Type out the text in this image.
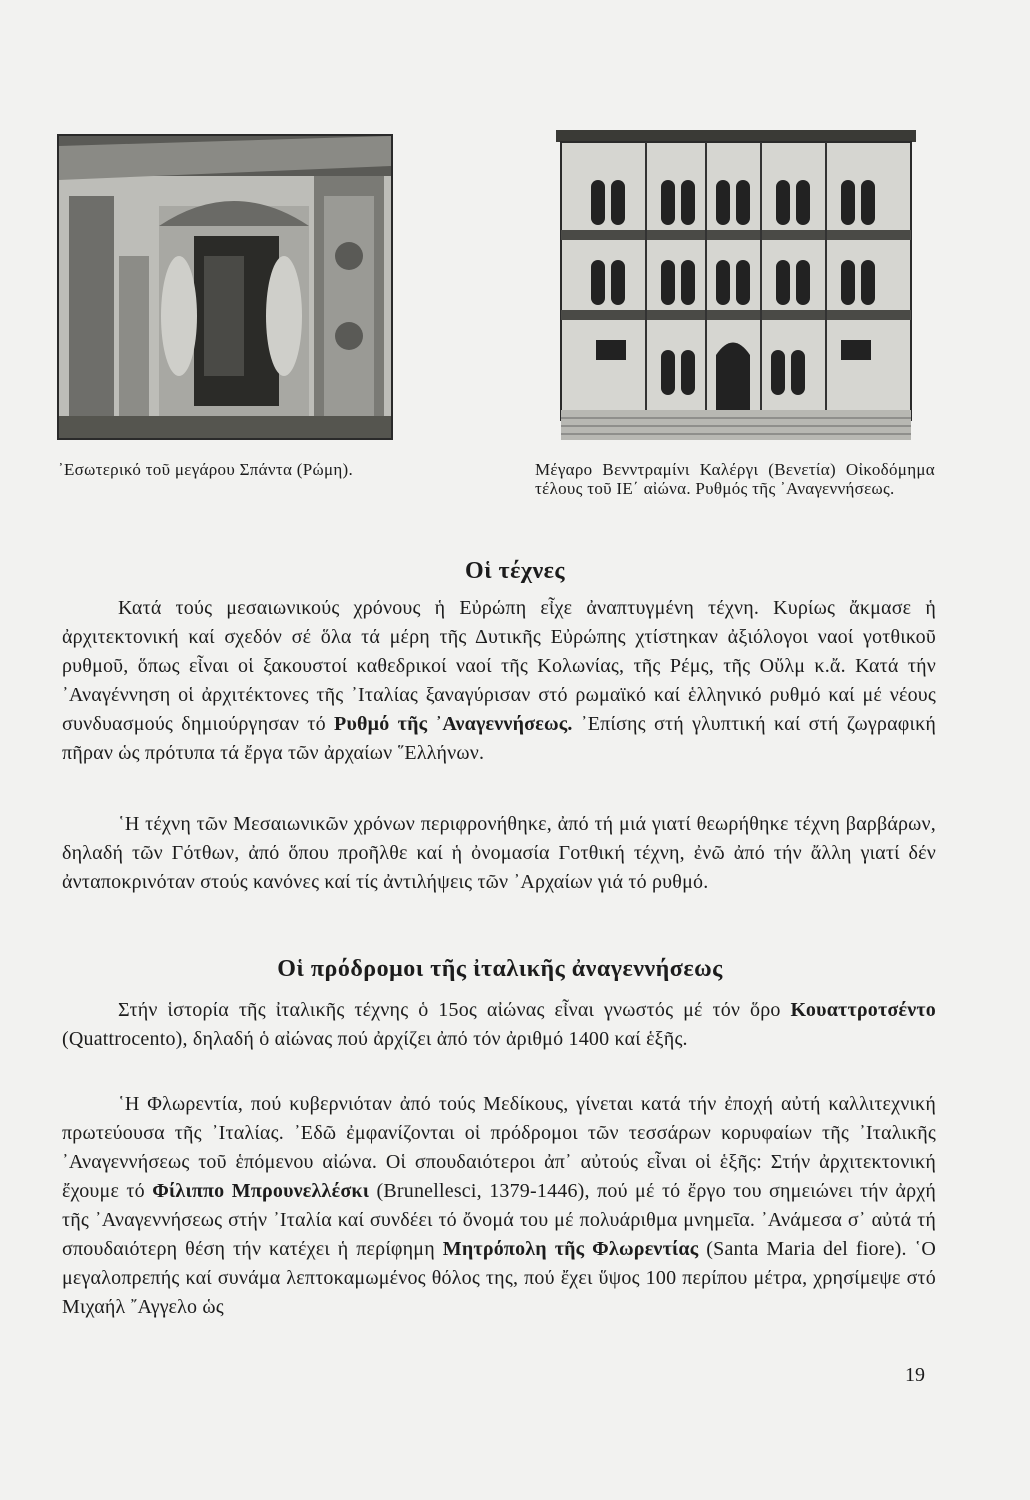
᾿Εσωτερικό τοῦ μεγάρου Σπάντα (Ρώμη).	Μέγαρο Βενντραμίνι Καλέργι (Βενετία) Οἰκοδόμημα τέλους τοῦ ΙΕ΄ αἰώνα. Ρυθμός τῆς ᾿Αναγεννήσεως.
Οἱ τέχνες

Κατά τούς μεσαιωνικούς χρόνους ἡ Εὐρώπη εἶχε ἀναπτυγμένη τέχνη. Κυρίως ἄκμασε ἡ ἀρχιτεκτονική καί σχεδόν σέ ὅλα τά μέρη τῆς Δυτικῆς Εὐρώπης χτίστηκαν ἀξιόλογοι ναοί γοτθικοῦ ρυθμοῦ, ὅπως εἶναι οἱ ξακουστοί καθεδρικοί ναοί τῆς Κολωνίας, τῆς Ρέμς, τῆς Οὔλμ κ.ἄ. Κατά τήν ᾿Αναγέννηση οἱ ἀρχιτέκτονες τῆς ᾿Ιταλίας ξαναγύρισαν στό ρωμαϊκό καί ἑλληνικό ρυθμό καί μέ νέους συνδυασμούς δημιούργησαν τό Ρυθμό τῆς ᾿Αναγεννήσεως. ᾿Επίσης στή γλυπτική καί στή ζωγραφική πῆραν ὡς πρότυπα τά ἔργα τῶν ἀρχαίων ῞Ελλήνων.

῾Η τέχνη τῶν Μεσαιωνικῶν χρόνων περιφρονήθηκε, ἀπό τή μιά γιατί θεωρήθηκε τέχνη βαρβάρων, δηλαδή τῶν Γότθων, ἀπό ὅπου προῆλθε καί ἡ ὀνομασία Γοτθική τέχνη, ἐνῶ ἀπό τήν ἄλλη γιατί δέν ἀνταποκρινόταν στούς κανόνες καί τίς ἀντιλήψεις τῶν ᾿Αρχαίων γιά τό ρυθμό.

Οἱ πρόδρομοι τῆς ἰταλικῆς ἀναγεννήσεως

Στήν ἱστορία τῆς ἰταλικῆς τέχνης ὁ 15ος αἰώνας εἶναι γνωστός μέ τόν ὅρο Κουαττροτσέντο (Quattrocento), δηλαδή ὁ αἰώνας πού ἀρχίζει ἀπό τόν ἀριθμό 1400 καί ἑξῆς.

῾Η Φλωρεντία, πού κυβερνιόταν ἀπό τούς Μεδίκους, γίνεται κατά τήν ἐποχή αὐτή καλλιτεχνική πρωτεύουσα τῆς ᾿Ιταλίας. ᾿Εδῶ ἐμφανίζονται οἱ πρόδρομοι τῶν τεσσάρων κορυφαίων τῆς ᾿Ιταλικῆς ᾿Αναγεννήσεως τοῦ ἑπόμενου αἰώνα. Οἱ σπουδαιότεροι ἀπ᾿ αὐτούς εἶναι οἱ ἑξῆς: Στήν ἀρχιτεκτονική ἔχουμε τό Φίλιππο Μπρουνελλέσκι (Brunellesci, 1379-1446), πού μέ τό ἔργο του σημειώνει τήν ἀρχή τῆς ᾿Αναγεννήσεως στήν ᾿Ιταλία καί συνδέει τό ὄνομά του μέ πολυάριθμα μνημεῖα. ᾿Ανάμεσα σ᾿ αὐτά τή σπουδαιότερη θέση τήν κατέχει ἡ περίφημη Μητρόπολη τῆς Φλωρεντίας (Santa Maria del fiore). ῾Ο μεγαλοπρεπής καί συνάμα λεπτοκαμωμένος θόλος της, πού ἔχει ὕψος 100 περίπου μέτρα, χρησίμεψε στό Μιχαήλ ῎Αγγελο ὡς

19
